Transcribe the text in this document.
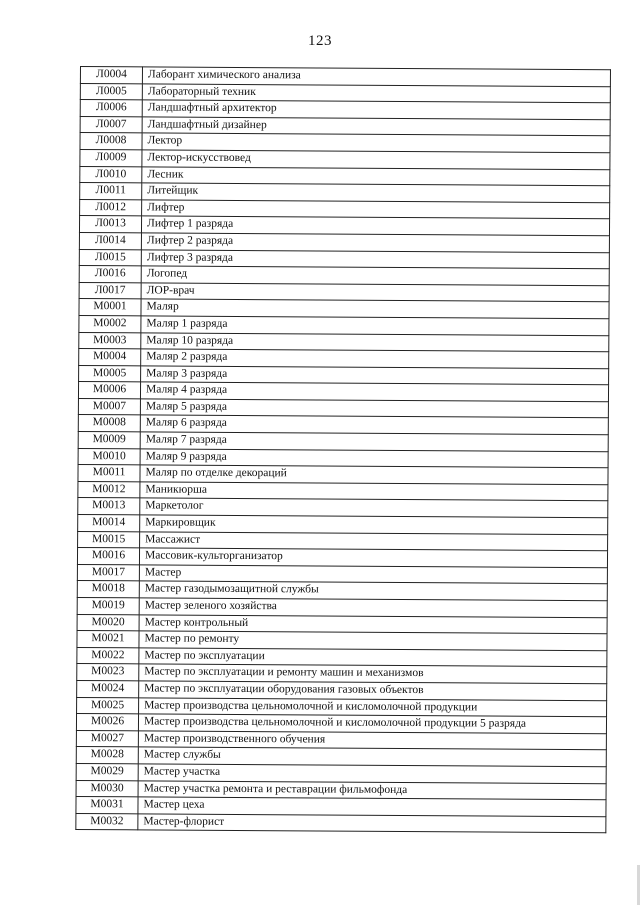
123
Л0004	Лаборант химического анализа
Л0005	Лабораторный техник
Л0006	Ландшафтный архитектор
Л0007	Ландшафтный дизайнер
Л0008	Лектор
Л0009	Лектор-искусствовед
Л0010	Лесник
Л0011	Литейщик
Л0012	Лифтер
Л0013	Лифтер 1 разряда
Л0014	Лифтер 2 разряда
Л0015	Лифтер 3 разряда
Л0016	Логопед
Л0017	ЛОР-врач
М0001	Маляр
М0002	Маляр 1 разряда
М0003	Маляр 10 разряда
М0004	Маляр 2 разряда
М0005	Маляр 3 разряда
М0006	Маляр 4 разряда
М0007	Маляр 5 разряда
М0008	Маляр 6 разряда
М0009	Маляр 7 разряда
М0010	Маляр 9 разряда
М0011	Маляр по отделке декораций
М0012	Маникюрша
М0013	Маркетолог
М0014	Маркировщик
М0015	Массажист
М0016	Массовик-культорганизатор
М0017	Мастер
М0018	Мастер газодымозащитной службы
М0019	Мастер зеленого хозяйства
М0020	Мастер контрольный
М0021	Мастер по ремонту
М0022	Мастер по эксплуатации
М0023	Мастер по эксплуатации и ремонту машин и механизмов
М0024	Мастер по эксплуатации оборудования газовых объектов
М0025	Мастер производства цельномолочной и кисломолочной продукции
М0026	Мастер производства цельномолочной и кисломолочной продукции 5 разряда
М0027	Мастер производственного обучения
М0028	Мастер службы
М0029	Мастер участка
М0030	Мастер участка ремонта и реставрации фильмофонда
М0031	Мастер цеха
М0032	Мастер-флорист
